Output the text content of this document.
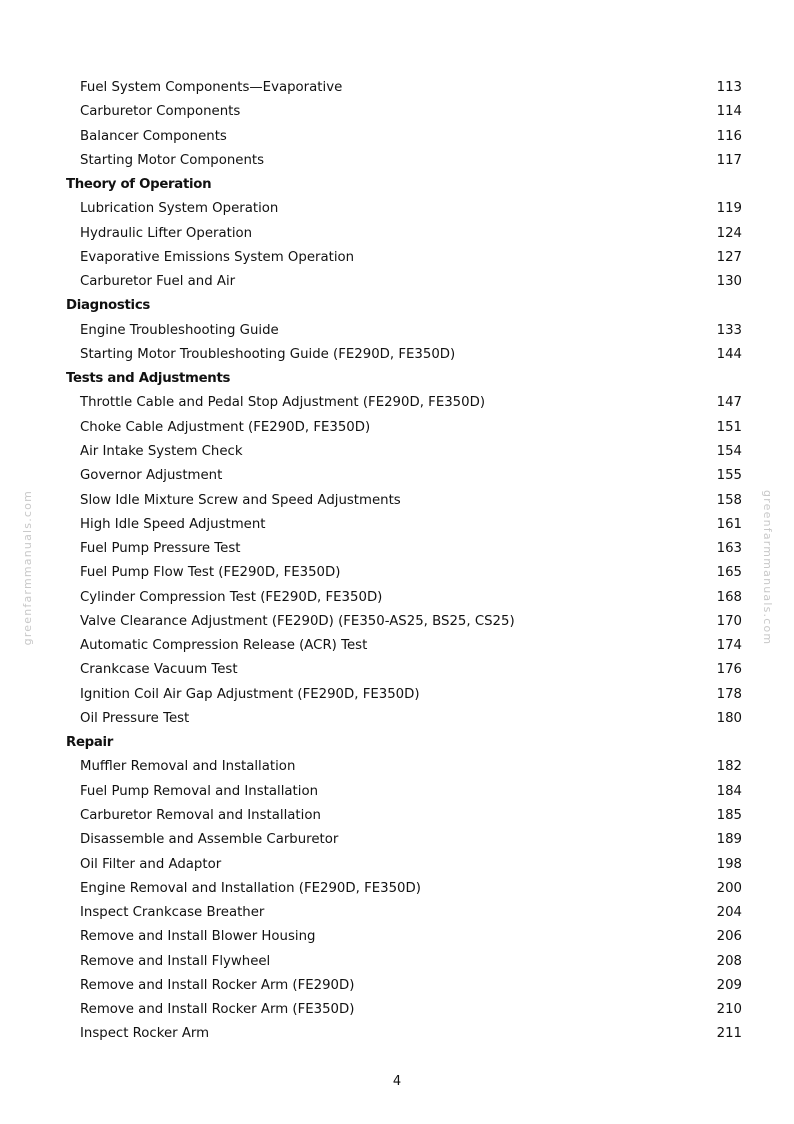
Fuel System Components—Evaporative	113
Carburetor Components	114
Balancer Components	116
Starting Motor Components	117
Theory of Operation
Lubrication System Operation	119
Hydraulic Lifter Operation	124
Evaporative Emissions System Operation	127
Carburetor Fuel and Air	130
Diagnostics
Engine Troubleshooting Guide	133
Starting Motor Troubleshooting Guide (FE290D, FE350D)	144
Tests and Adjustments
Throttle Cable and Pedal Stop Adjustment (FE290D, FE350D)	147
Choke Cable Adjustment (FE290D, FE350D)	151
Air Intake System Check	154
Governor Adjustment	155
Slow Idle Mixture Screw and Speed Adjustments	158
High Idle Speed Adjustment	161
Fuel Pump Pressure Test	163
Fuel Pump Flow Test (FE290D, FE350D)	165
Cylinder Compression Test (FE290D, FE350D)	168
Valve Clearance Adjustment (FE290D) (FE350-AS25, BS25, CS25)	170
Automatic Compression Release (ACR) Test	174
Crankcase Vacuum Test	176
Ignition Coil Air Gap Adjustment (FE290D, FE350D)	178
Oil Pressure Test	180
Repair
Muffler Removal and Installation	182
Fuel Pump Removal and Installation	184
Carburetor Removal and Installation	185
Disassemble and Assemble Carburetor	189
Oil Filter and Adaptor	198
Engine Removal and Installation (FE290D, FE350D)	200
Inspect Crankcase Breather	204
Remove and Install Blower Housing	206
Remove and Install Flywheel	208
Remove and Install Rocker Arm (FE290D)	209
Remove and Install Rocker Arm (FE350D)	210
Inspect Rocker Arm	211
greenfarmmanuals.com	greenfarmmanuals.com
4
